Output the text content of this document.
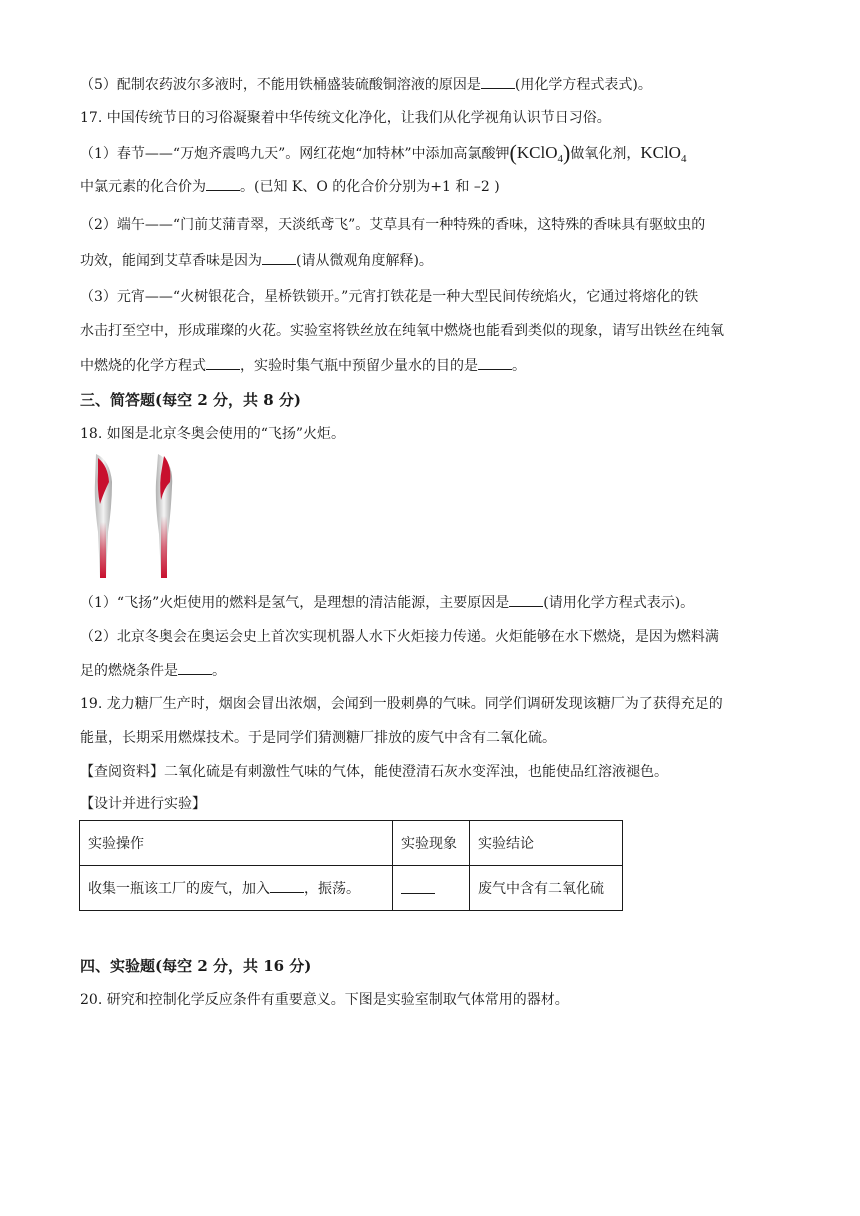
（5）配制农药波尔多液时，不能用铁桶盛装硫酸铜溶液的原因是 (用化学方程式表式)。
17. 中国传统节日的习俗凝聚着中华传统文化净化，让我们从化学视角认识节日习俗。
（1）春节——“万炮齐震鸣九天”。网红花炮“加特林”中添加高氯酸钾(KClO$_4$)做氧化剂，KClO$_4$
中氯元素的化合价为 。(已知 K、O 的化合价分别为+1 和 –2 )
（2）端午——“门前艾蒲青翠，天淡纸鸢飞”。艾草具有一种特殊的香味，这特殊的香味具有驱蚊虫的
功效，能闻到艾草香味是因为 (请从微观角度解释)。
（3）元宵——“火树银花合，星桥铁锁开。”元宵打铁花是一种大型民间传统焰火，它通过将熔化的铁
水击打至空中，形成璀璨的火花。实验室将铁丝放在纯氧中燃烧也能看到类似的现象，请写出铁丝在纯氧
中燃烧的化学方程式 ，实验时集气瓶中预留少量水的目的是 。
三、简答题(每空 2 分，共 8 分)
18. 如图是北京冬奥会使用的“飞扬”火炬。
（1）“飞扬”火炬使用的燃料是氢气，是理想的清洁能源，主要原因是 (请用化学方程式表示)。
（2）北京冬奥会在奥运会史上首次实现机器人水下火炬接力传递。火炬能够在水下燃烧，是因为燃料满
足的燃烧条件是 。
19. 龙力糖厂生产时，烟囱会冒出浓烟，会闻到一股刺鼻的气味。同学们调研发现该糖厂为了获得充足的
能量，长期采用燃煤技术。于是同学们猜测糖厂排放的废气中含有二氧化硫。
【查阅资料】二氧化硫是有刺激性气味的气体，能使澄清石灰水变浑浊，也能使品红溶液褪色。
【设计并进行实验】
实验操作	实验现象	实验结论
收集一瓶该工厂的废气，加入 ，振荡。		废气中含有二氧化硫
四、实验题(每空 2 分，共 16 分)
20. 研究和控制化学反应条件有重要意义。下图是实验室制取气体常用的器材。
